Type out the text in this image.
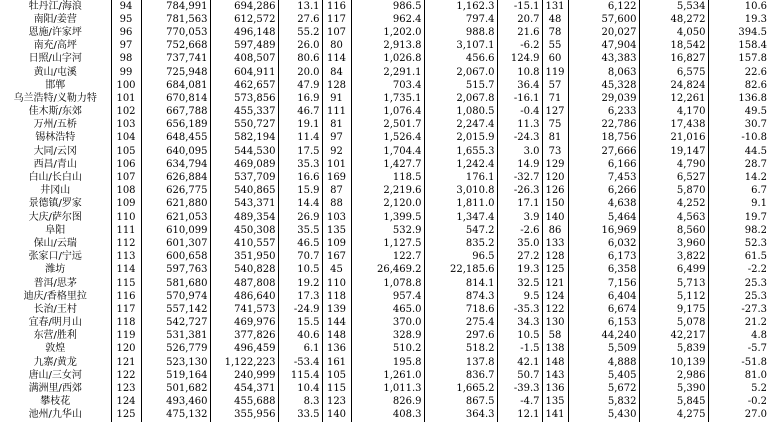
牡丹江/海浪	94	784,991	694,286	13.1	116	986.5	1,162.3	-15.1	131	6,122	5,534	10.6
南阳/姜营	95	781,563	612,572	27.6	117	962.4	797.4	20.7	48	57,600	48,272	19.3
恩施/许家坪	96	770,053	496,148	55.2	107	1,202.0	988.8	21.6	78	20,027	4,050	394.5
南充/高坪	97	752,668	597,489	26.0	80	2,913.8	3,107.1	-6.2	55	47,904	18,542	158.4
日照/山字河	98	737,741	408,507	80.6	114	1,026.8	456.6	124.9	60	43,383	16,827	157.8
黄山/屯溪	99	725,948	604,911	20.0	84	2,291.1	2,067.0	10.8	119	8,063	6,575	22.6
邯郸	100	684,081	462,657	47.9	128	703.4	515.7	36.4	57	45,328	24,824	82.6
乌兰浩特/义勒力特	101	670,814	573,856	16.9	91	1,735.1	2,067.8	-16.1	71	29,039	12,261	136.8
佳木斯/东郊	102	667,788	455,337	46.7	111	1,076.4	1,080.5	-0.4	127	6,233	4,170	49.5
万州/五桥	103	656,189	550,727	19.1	81	2,501.7	2,247.4	11.3	75	22,786	17,438	30.7
锡林浩特	104	648,455	582,194	11.4	97	1,526.4	2,015.9	-24.3	81	18,756	21,016	-10.8
大同/云冈	105	640,095	544,530	17.5	92	1,704.4	1,655.3	3.0	73	27,666	19,147	44.5
西昌/青山	106	634,794	469,089	35.3	101	1,427.7	1,242.4	14.9	129	6,166	4,790	28.7
白山/长白山	107	626,884	537,709	16.6	169	118.5	176.1	-32.7	120	7,453	6,527	14.2
井冈山	108	626,775	540,865	15.9	87	2,219.6	3,010.8	-26.3	126	6,266	5,870	6.7
景德镇/罗家	109	621,880	543,371	14.4	88	2,120.0	1,811.0	17.1	150	4,638	4,252	9.1
大庆/萨尔图	110	621,053	489,354	26.9	103	1,399.5	1,347.4	3.9	140	5,464	4,563	19.7
阜阳	111	610,099	450,308	35.5	135	532.9	547.2	-2.6	86	16,969	8,560	98.2
保山/云瑞	112	601,307	410,557	46.5	109	1,127.5	835.2	35.0	133	6,032	3,960	52.3
张家口/宁远	113	600,658	351,950	70.7	167	122.7	96.5	27.2	128	6,173	3,822	61.5
潍坊	114	597,763	540,828	10.5	45	26,469.2	22,185.6	19.3	125	6,358	6,499	-2.2
普洱/思茅	115	581,680	487,808	19.2	110	1,078.8	814.1	32.5	121	7,156	5,713	25.3
迪庆/香格里拉	116	570,974	486,640	17.3	118	957.4	874.3	9.5	124	6,404	5,112	25.3
长治/王村	117	557,142	741,573	-24.9	139	465.0	718.6	-35.3	122	6,674	9,175	-27.3
宜春/明月山	118	542,727	469,976	15.5	144	370.0	275.4	34.3	130	6,153	5,078	21.2
东营/胜利	119	531,381	377,826	40.6	148	328.9	297.6	10.5	58	44,240	42,217	4.8
敦煌	120	526,779	496,459	6.1	136	510.2	518.2	-1.5	138	5,509	5,839	-5.7
九寨/黄龙	121	523,130	1,122,223	-53.4	161	195.8	137.8	42.1	148	4,888	10,139	-51.8
唐山/三女河	122	519,164	240,999	115.4	105	1,261.0	836.7	50.7	143	5,405	2,986	81.0
满洲里/西郊	123	501,682	454,371	10.4	115	1,011.3	1,665.2	-39.3	136	5,672	5,390	5.2
攀枝花	124	493,460	455,688	8.3	123	826.9	867.5	-4.7	135	5,832	5,845	-0.2
池州/九华山	125	475,132	355,956	33.5	140	408.3	364.3	12.1	141	5,430	4,275	27.0
